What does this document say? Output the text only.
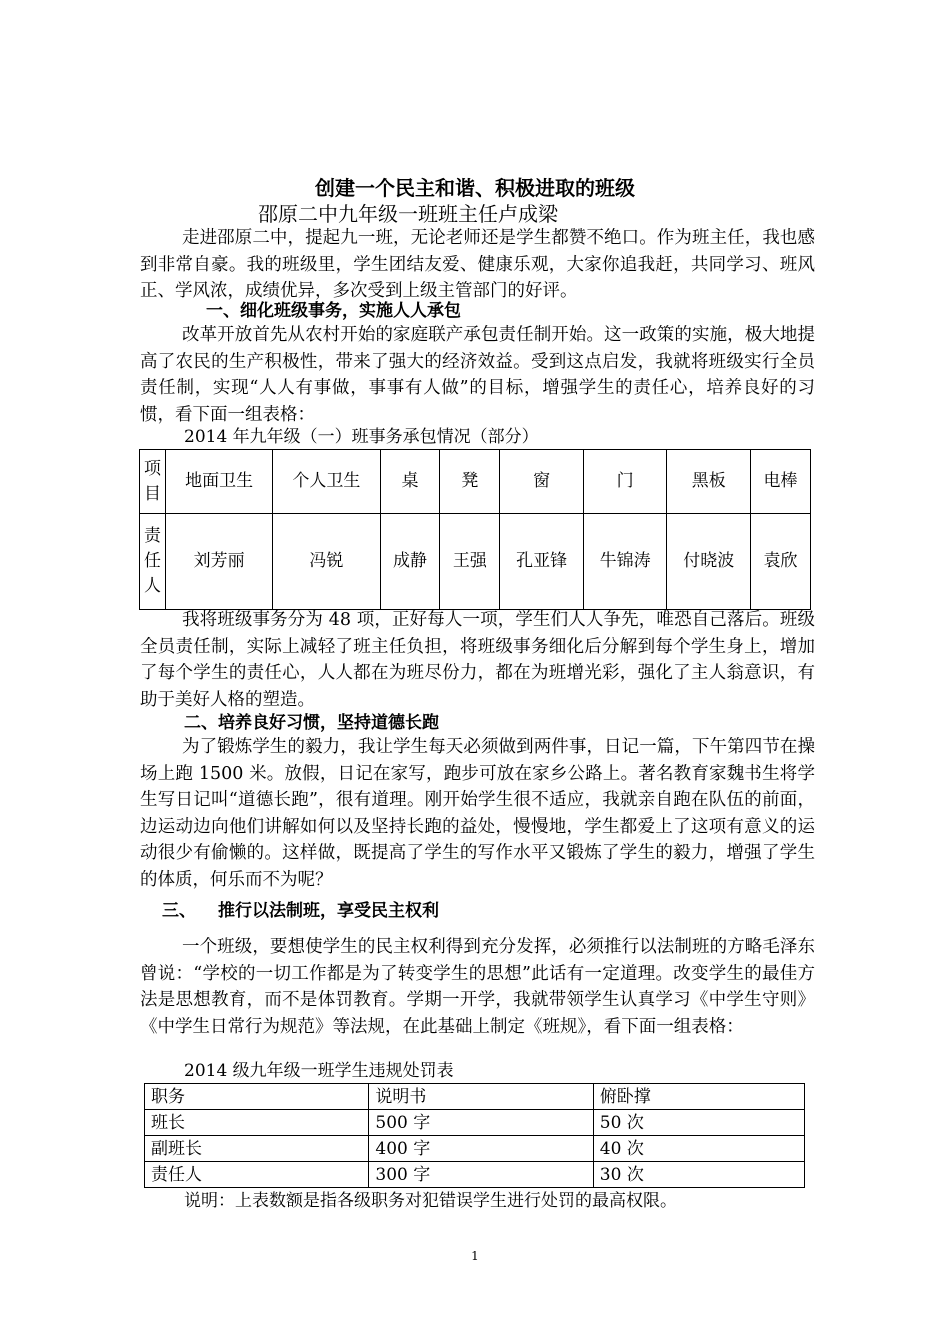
创建一个民主和谐、积极进取的班级
邵原二中九年级一班班主任卢成梁
走进邵原二中，提起九一班，无论老师还是学生都赞不绝口。作为班主任，我也感到非常自豪。我的班级里，学生团结友爱、健康乐观，大家你追我赶，共同学习、班风正、学风浓，成绩优异，多次受到上级主管部门的好评。
一、细化班级事务，实施人人承包
改革开放首先从农村开始的家庭联产承包责任制开始。这一政策的实施，极大地提高了农民的生产积极性，带来了强大的经济效益。受到这点启发，我就将班级实行全员责任制，实现“人人有事做，事事有人做”的目标，增强学生的责任心，培养良好的习惯，看下面一组表格：
2014 年九年级（一）班事务承包情况（部分）
项目	地面卫生	个人卫生	桌	凳	窗	门	黑板	电棒
责任人	刘芳丽	冯锐	成静	王强	孔亚锋	牛锦涛	付晓波	袁欣
我将班级事务分为 48 项，正好每人一项，学生们人人争先，唯恐自己落后。班级全员责任制，实际上减轻了班主任负担，将班级事务细化后分解到每个学生身上，增加了每个学生的责任心，人人都在为班尽份力，都在为班增光彩，强化了主人翁意识，有助于美好人格的塑造。
二、培养良好习惯，坚持道德长跑
为了锻炼学生的毅力，我让学生每天必须做到两件事，日记一篇，下午第四节在操场上跑 1500 米。放假，日记在家写，跑步可放在家乡公路上。著名教育家魏书生将学生写日记叫“道德长跑”，很有道理。刚开始学生很不适应，我就亲自跑在队伍的前面，边运动边向他们讲解如何以及坚持长跑的益处，慢慢地，学生都爱上了这项有意义的运动很少有偷懒的。这样做，既提高了学生的写作水平又锻炼了学生的毅力，增强了学生的体质，何乐而不为呢？
三、 推行以法制班，享受民主权利
一个班级，要想使学生的民主权利得到充分发挥，必须推行以法制班的方略毛泽东曾说：“学校的一切工作都是为了转变学生的思想”此话有一定道理。改变学生的最佳方法是思想教育，而不是体罚教育。学期一开学，我就带领学生认真学习《中学生守则》《中学生日常行为规范》等法规，在此基础上制定《班规》，看下面一组表格：
2014 级九年级一班学生违规处罚表
职务	说明书	俯卧撑
班长	500 字	50 次
副班长	400 字	40 次
责任人	300 字	30 次
说明：上表数额是指各级职务对犯错误学生进行处罚的最高权限。
1
